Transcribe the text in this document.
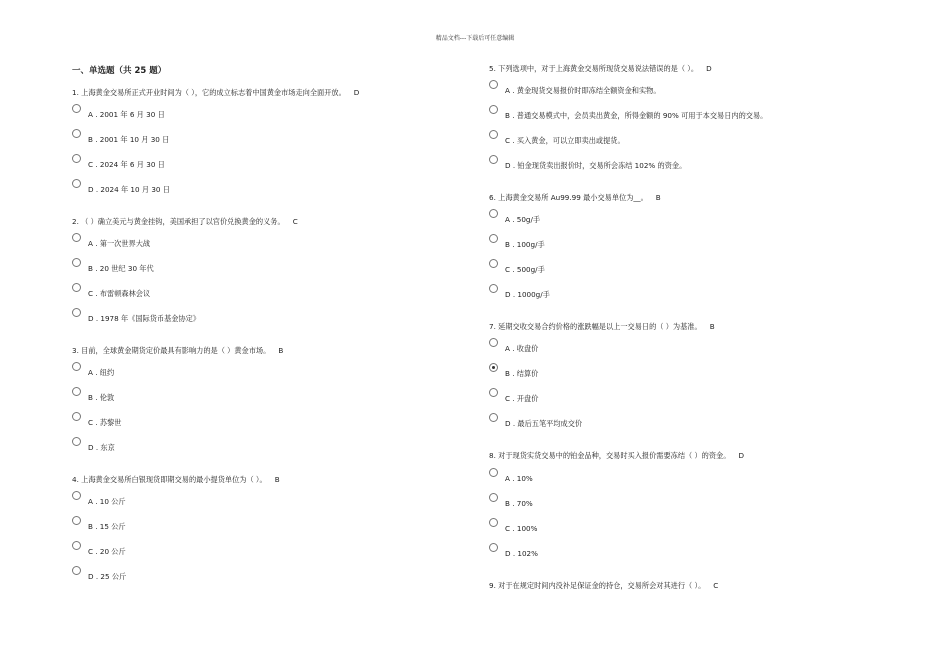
精品文档---下载后可任意编辑
一、单选题（共 25 题）
1. 上海黄金交易所正式开业时间为（ ），它的成立标志着中国黄金市场走向全面开放。 D
A . 2001 年 6 月 30 日
B . 2001 年 10 月 30 日
C . 2024 年 6 月 30 日
D . 2024 年 10 月 30 日
2. （ ）确立美元与黄金挂钩，美国承担了以官价兑换黄金的义务。 C
A . 第一次世界大战
B . 20 世纪 30 年代
C . 布雷顿森林会议
D . 1978 年《国际货币基金协定》
3. 目前，全球黄金期货定价最具有影响力的是（ ）黄金市场。 B
A . 纽约
B . 伦敦
C . 苏黎世
D . 东京
4. 上海黄金交易所白银现货即期交易的最小提货单位为（ ）。 B
A . 10 公斤
B . 15 公斤
C . 20 公斤
D . 25 公斤
5. 下列选项中，对于上海黄金交易所现货交易说法错误的是（ ）。 D
A . 黄金现货交易报价时即冻结全额资金和实物。
B . 普通交易模式中，会员卖出黄金，所得金额的 90% 可用于本交易日内的交易。
C . 买入黄金，可以立即卖出或提货。
D . 铂金现货卖出报价时，交易所会冻结 102% 的资金。
6. 上海黄金交易所 Au99.99 最小交易单位为__。 B
A . 50g/手
B . 100g/手
C . 500g/手
D . 1000g/手
7. 延期交收交易合约价格的涨跌幅是以上一交易日的（ ）为基准。 B
A . 收盘价
B . 结算价
C . 开盘价
D . 最后五笔平均成交价
8. 对于现货实货交易中的铂金品种，交易时买入报价需要冻结（ ）的资金。 D
A . 10%
B . 70%
C . 100%
D . 102%
9. 对于在规定时间内没补足保证金的持仓，交易所会对其进行（ ）。 C
